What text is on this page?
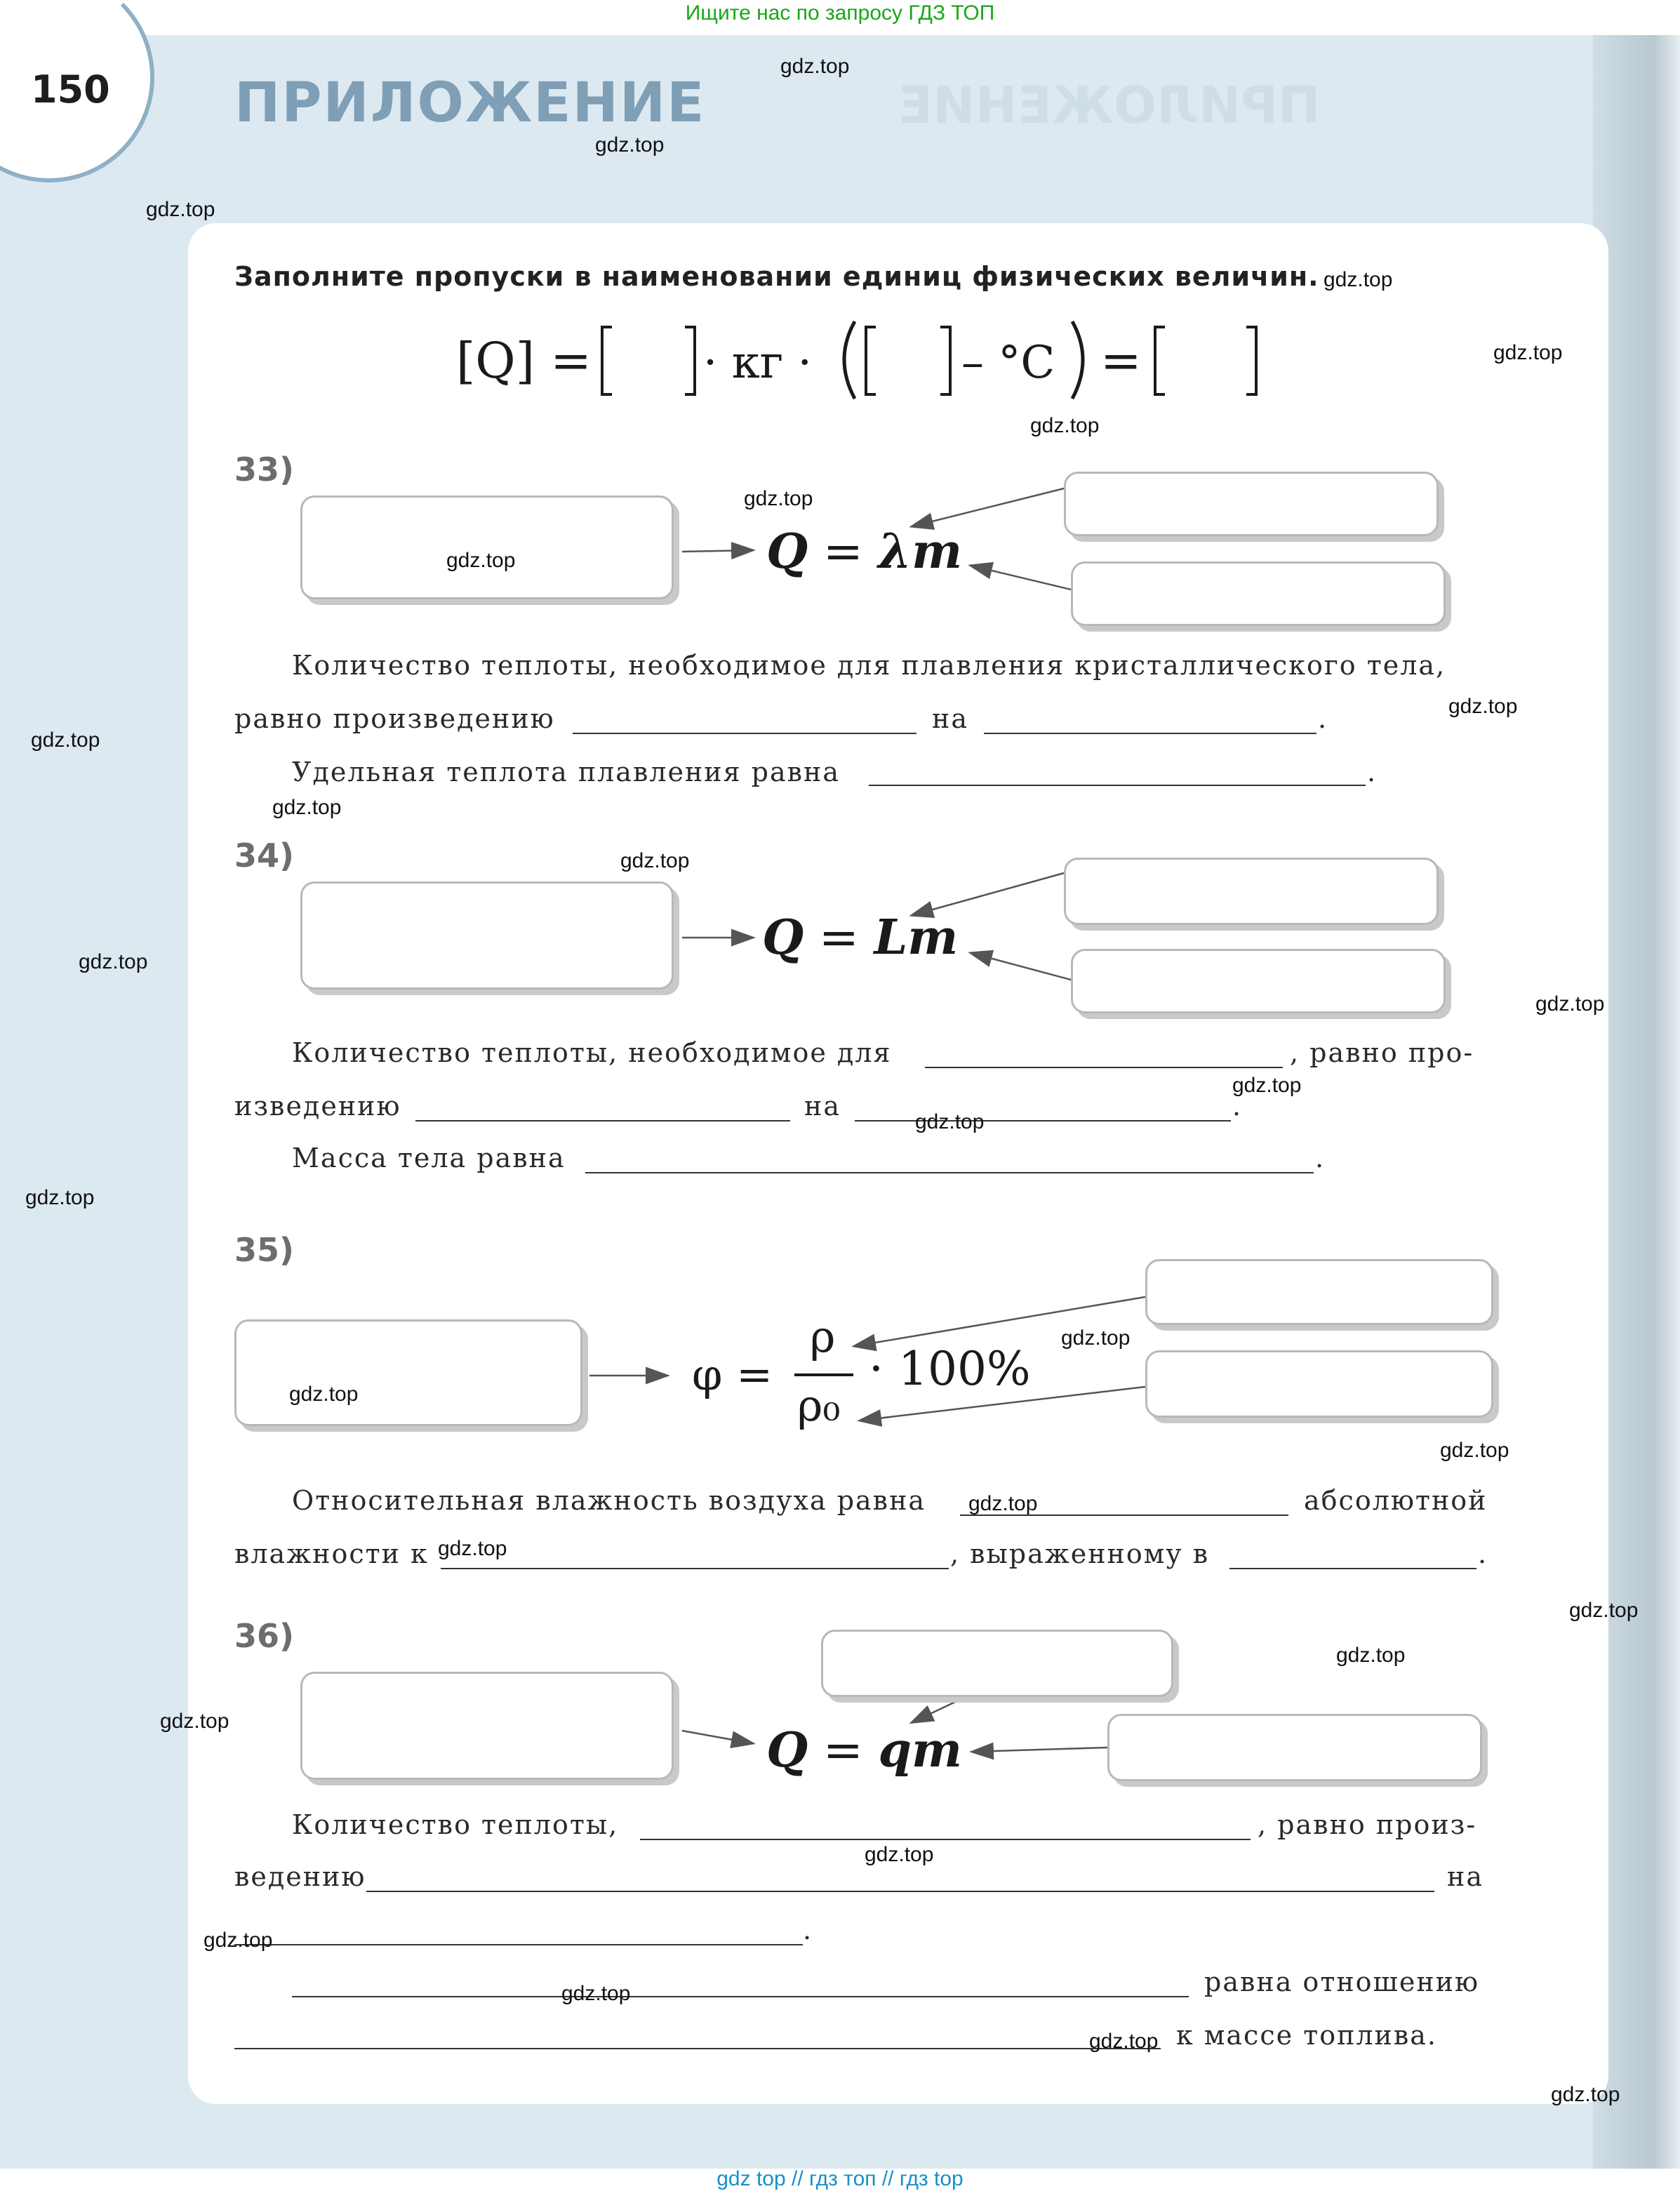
Ищите нас по запросу ГДЗ ТОП
150 ПРИЛОЖЕНИЕ	ПРИЛОЖЕНИЕ
Заполните пропуски в наименовании единиц физических величин.
[Q] = · кг ·	– °C =
33)
Q = λm
Количество теплоты, необходимое для плавления кристаллического тела,
равно произведению	на	.
Удельная теплота плавления равна	.
34)
Q = Lm
Количество теплоты, необходимое для	, равно про-
изведению	на	.
Масса тела равна	.
35)
φ =
ρ
ρ₀
· 100%
Относительная влажность воздуха равна	абсолютной
влажности к	, выраженному в	.
36)
Q = qm
Количество теплоты,	, равно произ-
ведению	на
.
равна отношению
к массе топлива.
gdz.top
gdz.top
gdz.top
gdz.top
gdz.top
gdz.top
gdz.top
gdz.top
gdz.top
gdz.top
gdz.top
gdz.top
gdz.top
gdz.top
gdz.top
gdz.top
gdz.top
gdz.top
gdz.top
gdz.top
gdz.top
gdz.top
gdz.top
gdz.top
gdz.top
gdz.top
gdz.top
gdz.top
gdz.top
gdz.top
gdz top // гдз топ // гдз top
